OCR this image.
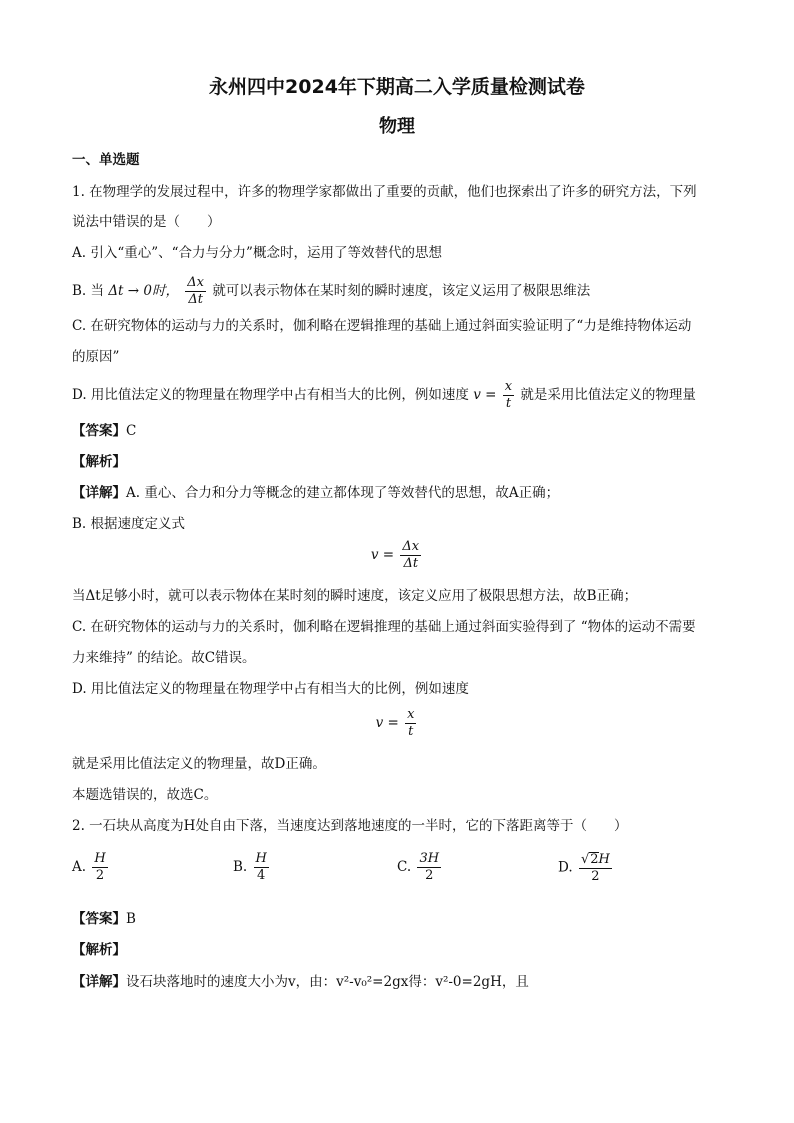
永州四中2024年下期高二入学质量检测试卷
物理
一、单选题
1. 在物理学的发展过程中，许多的物理学家都做出了重要的贡献，他们也探索出了许多的研究方法，下列
说法中错误的是（　　）
A. 引入“重心”、“合力与分力”概念时，运用了等效替代的思想
B. 当 Δt → 0时， $\frac{\Delta x}{\Delta t}$ 就可以表示物体在某时刻的瞬时速度，该定义运用了极限思维法
C. 在研究物体的运动与力的关系时，伽利略在逻辑推理的基础上通过斜面实验证明了“力是维持物体运动
的原因”
D. 用比值法定义的物理量在物理学中占有相当大的比例，例如速度 $v = \frac{x}{t}$ 就是采用比值法定义的物理量
【答案】C
【解析】
【详解】A. 重心、合力和分力等概念的建立都体现了等效替代的思想，故A正确；
B. 根据速度定义式
$v = \frac{\Delta x}{\Delta t}$
当Δt足够小时，就可以表示物体在某时刻的瞬时速度，该定义应用了极限思想方法，故B正确；
C. 在研究物体的运动与力的关系时，伽利略在逻辑推理的基础上通过斜面实验得到了 “物体的运动不需要
力来维持” 的结论。故C错误。
D. 用比值法定义的物理量在物理学中占有相当大的比例，例如速度
$v = \frac{x}{t}$
就是采用比值法定义的物理量，故D正确。
本题选错误的，故选C。
2. 一石块从高度为H处自由下落，当速度达到落地速度的一半时，它的下落距离等于（　　）
A. $\frac{H}{2}$	B. $\frac{H}{4}$	C. $\frac{3H}{2}$	D. $\frac{√2H}{2}$
【答案】B
【解析】
【详解】设石块落地时的速度大小为v，由：v²-v₀²=2gx得：v²-0=2gH，且
